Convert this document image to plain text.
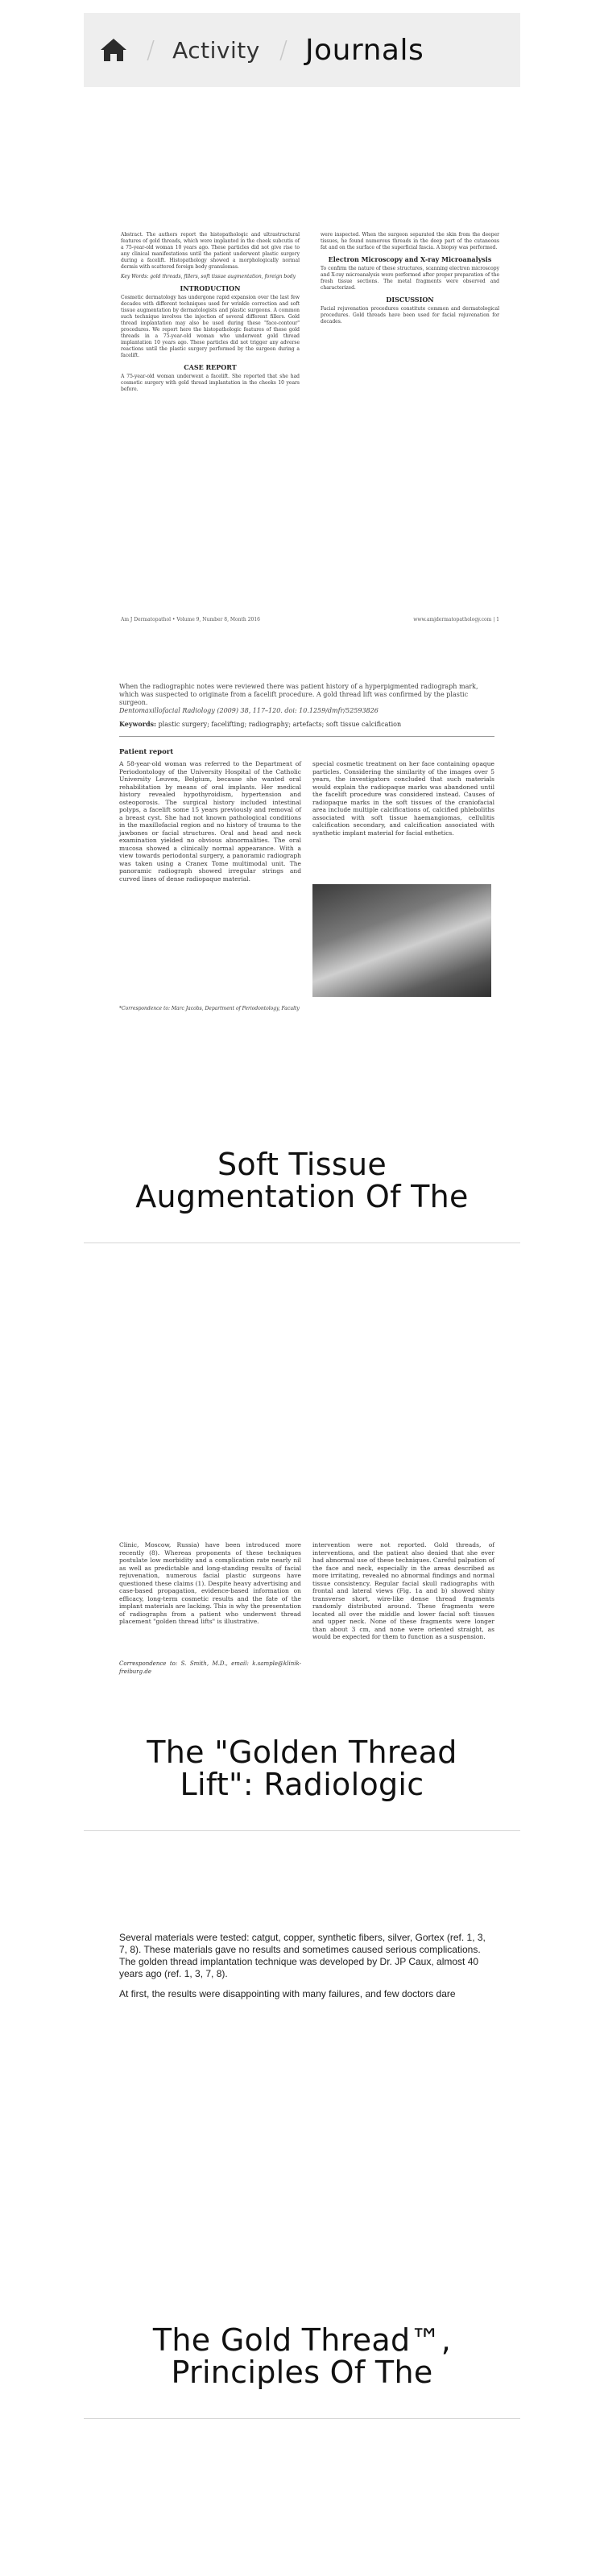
/ Activity / Journals
Abstract. The authors report the histopathologic and ultrastructural features of gold threads, which were implanted in the cheek subcutis of a 75-year-old woman 10 years ago. These particles did not give rise to any clinical manifestations until the patient underwent plastic surgery during a facelift. Histopathology showed a morphologically normal dermis with scattered foreign body granulomas.
Key Words: gold threads, fillers, soft tissue augmentation, foreign body
INTRODUCTION
Cosmetic dermatology has undergone rapid expansion over the last few decades with different techniques used for wrinkle correction and soft tissue augmentation by dermatologists and plastic surgeons. A common such technique involves the injection of several different fillers. Gold thread implantation may also be used during these "face-contour" procedures. We report here the histopathologic features of these gold threads in a 75-year-old woman who underwent gold thread implantation 10 years ago. These particles did not trigger any adverse reactions until the plastic surgery performed by the surgeon during a facelift.
CASE REPORT
A 75-year-old woman underwent a facelift. She reported that she had cosmetic surgery with gold thread implantation in the cheeks 10 years before.
were inspected. When the surgeon separated the skin from the deeper tissues, he found numerous threads in the deep part of the cutaneous fat and on the surface of the superficial fascia. A biopsy was performed.
Electron Microscopy and X-ray Microanalysis
To confirm the nature of these structures, scanning electron microscopy and X-ray microanalysis were performed after proper preparation of the fresh tissue sections. The metal fragments were observed and characterized.
DISCUSSION
Facial rejuvenation procedures constitute common and dermatological procedures. Gold threads have been used for facial rejuvenation for decades.
Am J Dermatopathol • Volume 9, Number 8, Month 2016	www.amjdermatopathology.com | 1
When the radiographic notes were reviewed there was patient history of a hyperpigmented radiograph mark, which was suspected to originate from a facelift procedure. A gold thread lift was confirmed by the plastic surgeon.
Dentomaxillofacial Radiology (2009) 38, 117–120. doi: 10.1259/dmfr/52593826
Keywords: plastic surgery; facelifting; radiography; artefacts; soft tissue calcification
Patient report
A 58-year-old woman was referred to the Department of Periodontology of the University Hospital of the Catholic University Leuven, Belgium, because she wanted oral rehabilitation by means of oral implants. Her medical history revealed hypothyroidism, hypertension and osteoporosis. The surgical history included intestinal polyps, a facelift some 15 years previously and removal of a breast cyst. She had not known pathological conditions in the maxillofacial region and no history of trauma to the jawbones or facial structures. Oral and head and neck examination yielded no obvious abnormalities. The oral mucosa showed a clinically normal appearance. With a view towards periodontal surgery, a panoramic radiograph was taken using a Cranex Tome multimodal unit. The panoramic radiograph showed irregular strings and curved lines of dense radiopaque material.
special cosmetic treatment on her face containing opaque particles. Considering the similarity of the images over 5 years, the investigators concluded that such materials would explain the radiopaque marks was abandoned until the facelift procedure was considered instead. Causes of radiopaque marks in the soft tissues of the craniofacial area include multiple calcifications of, calcified phleboliths associated with soft tissue haemangiomas, cellulitis calcification secondary, and calcification associated with synthetic implant material for facial esthetics.
*Correspondence to: Marc Jacobs, Department of Periodontology, Faculty
Soft Tissue
Augmentation Of The
Clinic, Moscow, Russia) have been introduced more recently (8). Whereas proponents of these techniques postulate low morbidity and a complication rate nearly nil as well as predictable and long-standing results of facial rejuvenation, numerous facial plastic surgeons have questioned these claims (1). Despite heavy advertising and case-based propagation, evidence-based information on efficacy, long-term cosmetic results and the fate of the implant materials are lacking. This is why the presentation of radiographs from a patient who underwent thread placement "golden thread lifts" is illustrative.
Correspondence to: S. Smith, M.D., email: k.sample@klinik-freiburg.de
intervention were not reported. Gold threads, of interventions, and the patient also denied that she ever had abnormal use of these techniques. Careful palpation of the face and neck, especially in the areas described as more irritating, revealed no abnormal findings and normal tissue consistency. Regular facial skull radiographs with frontal and lateral views (Fig. 1a and b) showed shiny transverse short, wire-like dense thread fragments randomly distributed around. These fragments were located all over the middle and lower facial soft tissues and upper neck. None of these fragments were longer than about 3 cm, and none were oriented straight, as would be expected for them to function as a suspension.
The "Golden Thread
Lift": Radiologic

Several materials were tested: catgut, copper, synthetic fibers, silver, Gortex (ref. 1, 3, 7, 8). These materials gave no results and sometimes caused serious complications. The golden thread implantation technique was developed by Dr. JP Caux, almost 40 years ago (ref. 1, 3, 7, 8).

At first, the results were disappointing with many failures, and few doctors dare

The Gold Thread™,
Principles Of The
